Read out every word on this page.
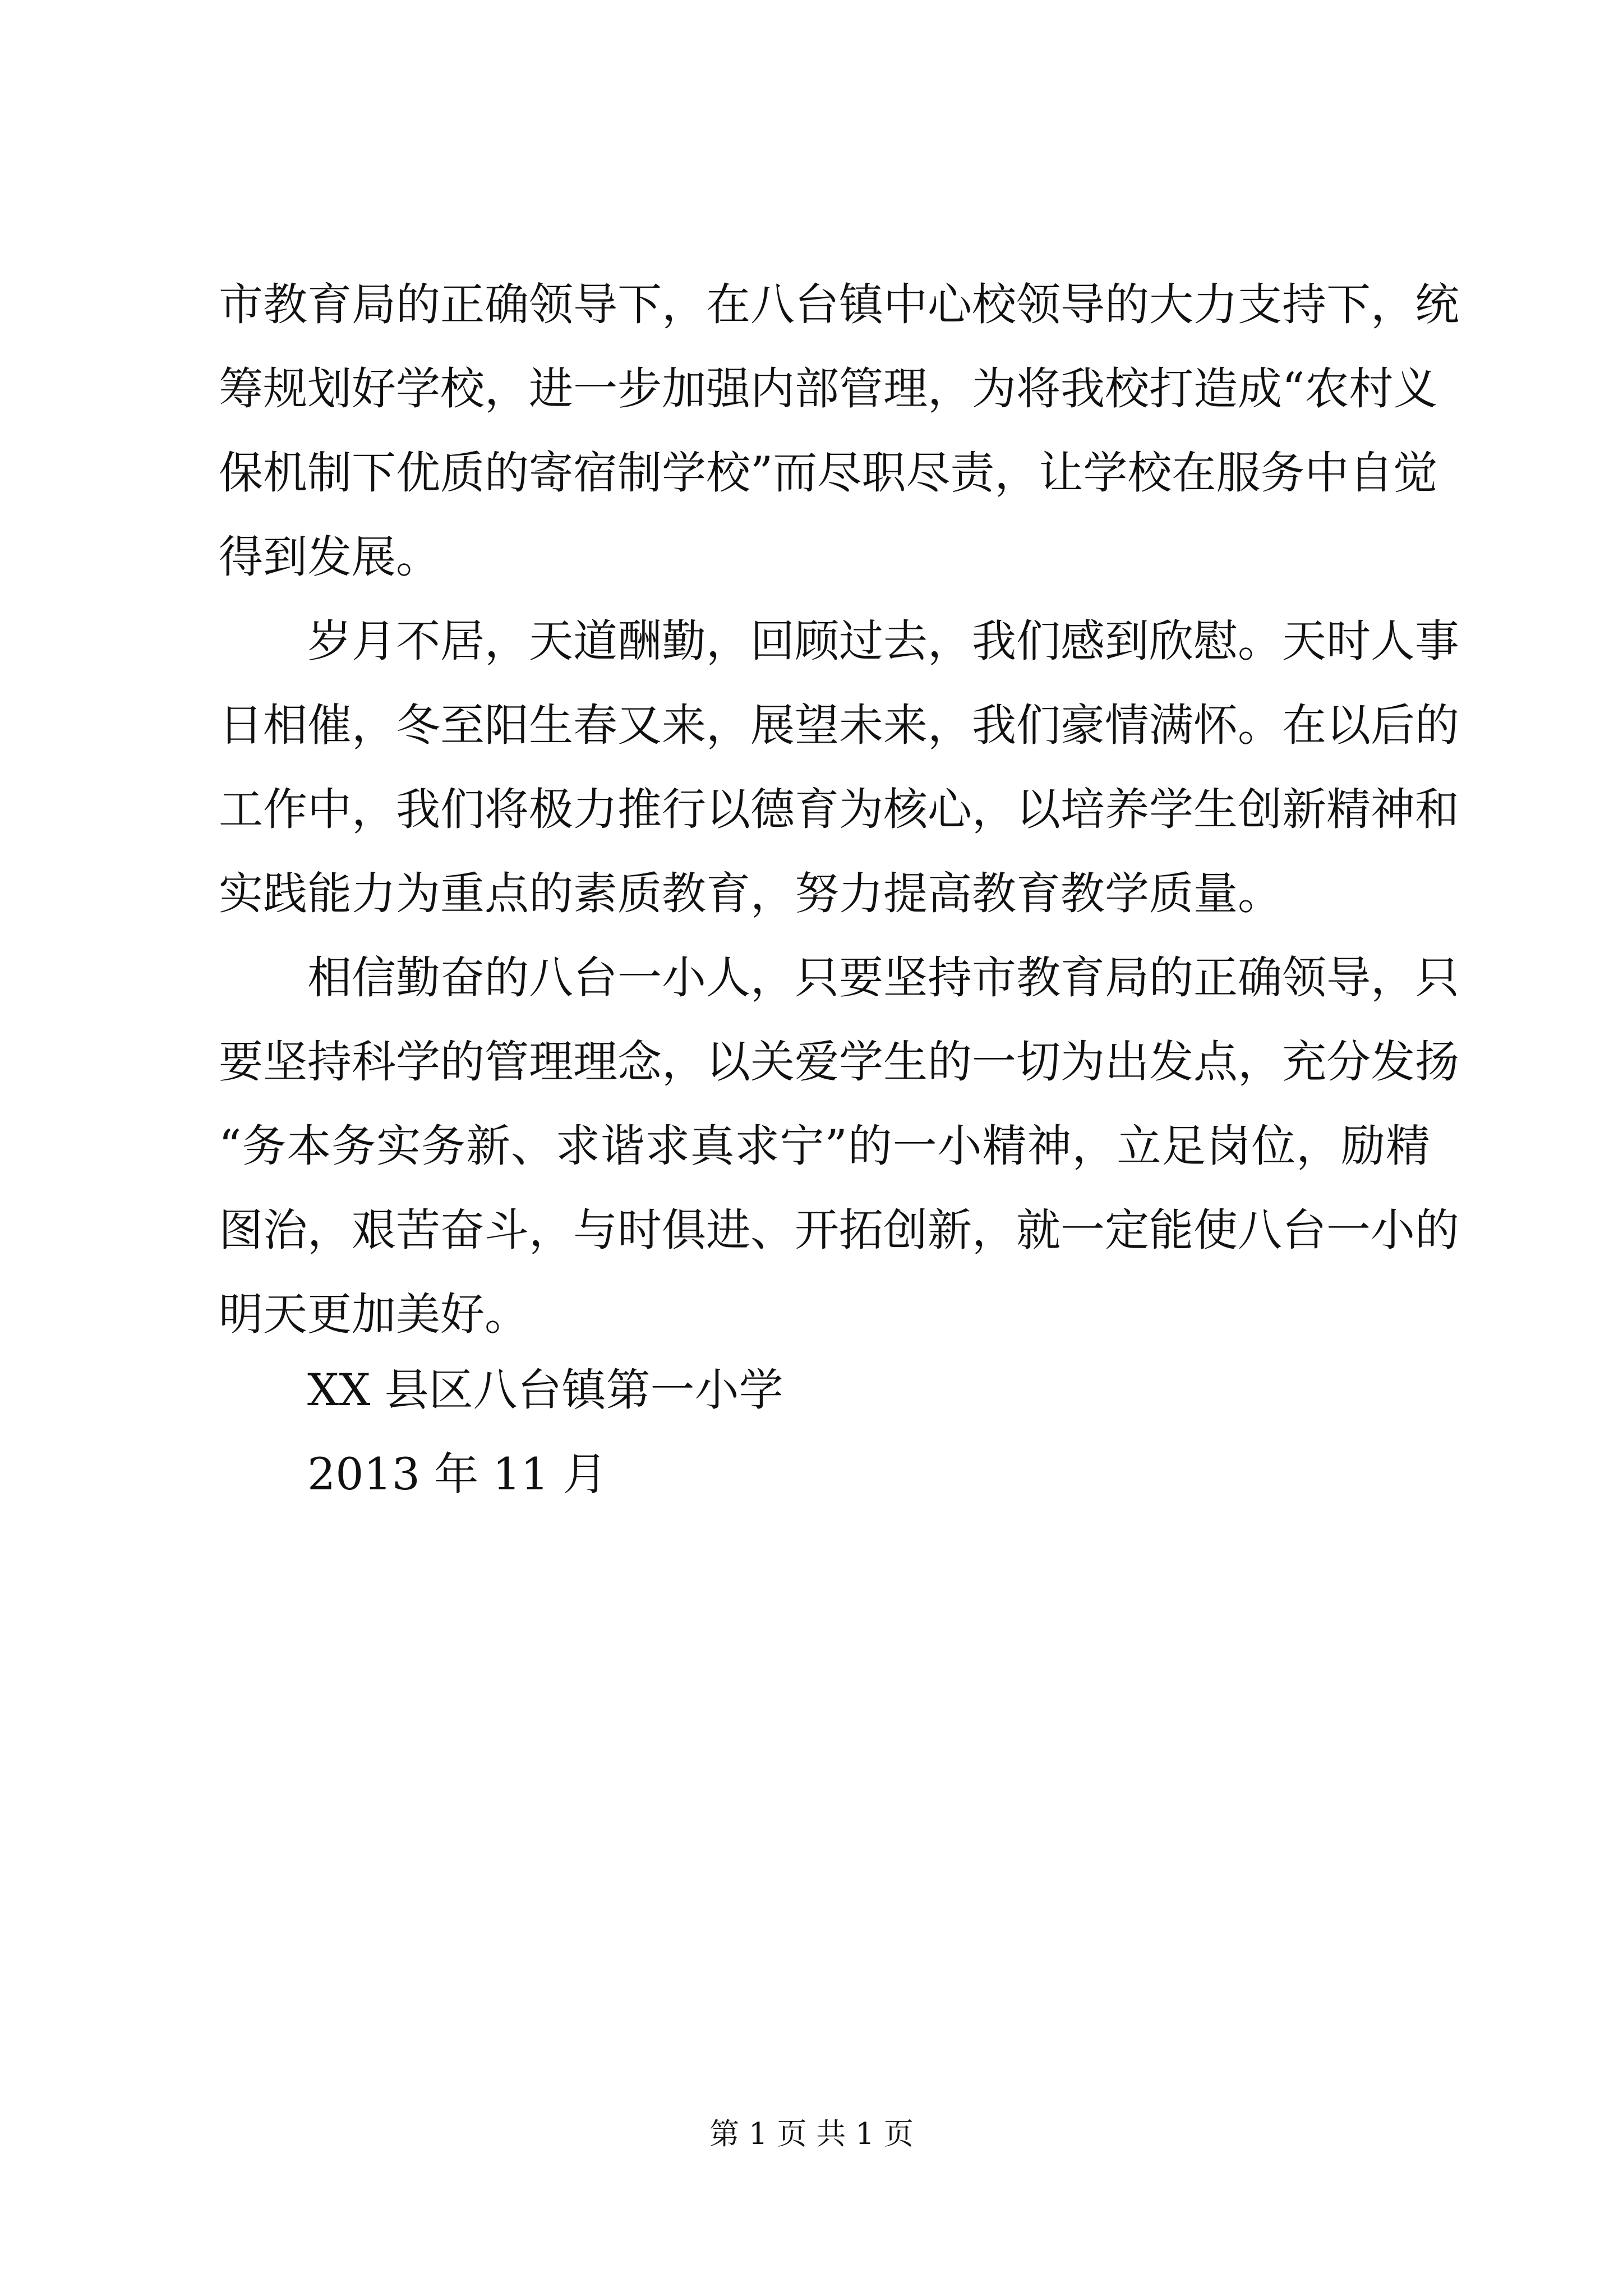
市教育局的正确领导下，在八台镇中心校领导的大力支持下，统
筹规划好学校，进一步加强内部管理，为将我校打造成“农村义
保机制下优质的寄宿制学校”而尽职尽责，让学校在服务中自觉
得到发展。
岁月不居，天道酬勤，回顾过去，我们感到欣慰。天时人事
日相催，冬至阳生春又来，展望未来，我们豪情满怀。在以后的
工作中，我们将极力推行以德育为核心，以培养学生创新精神和
实践能力为重点的素质教育，努力提高教育教学质量。
相信勤奋的八台一小人，只要坚持市教育局的正确领导，只
要坚持科学的管理理念，以关爱学生的一切为出发点，充分发扬
“务本务实务新、求谐求真求宁”的一小精神，立足岗位，励精
图治，艰苦奋斗，与时俱进、开拓创新，就一定能使八台一小的
明天更加美好。
XX 县区八台镇第一小学
2013 年 11 月
第 1 页 共 1 页
